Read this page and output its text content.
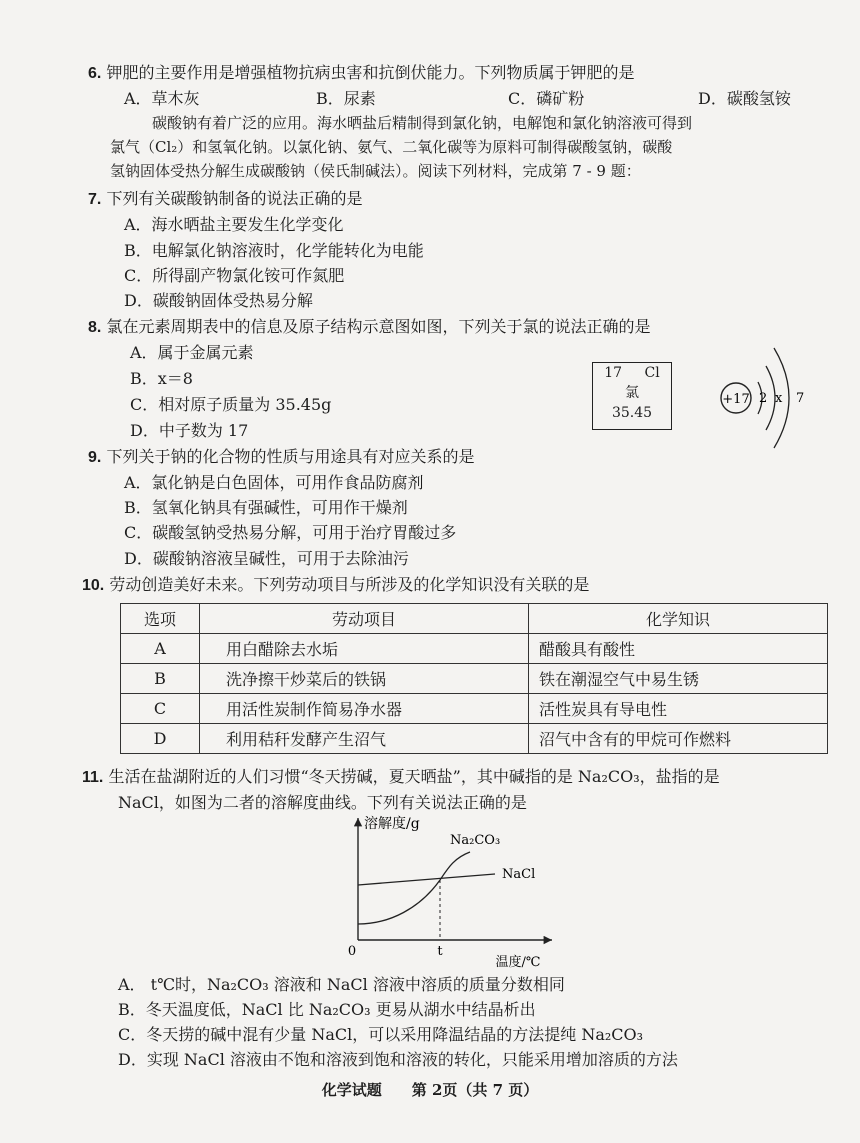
6. 钾肥的主要作用是增强植物抗病虫害和抗倒伏能力。下列物质属于钾肥的是
A．草木灰	B．尿素	C．磷矿粉	D．碳酸氢铵
碳酸钠有着广泛的应用。海水晒盐后精制得到氯化钠，电解饱和氯化钠溶液可得到
氯气（Cl₂）和氢氧化钠。以氯化钠、氨气、二氧化碳等为原料可制得碳酸氢钠，碳酸
氢钠固体受热分解生成碳酸钠（侯氏制碱法）。阅读下列材料，完成第 7 - 9 题：
7. 下列有关碳酸钠制备的说法正确的是
A．海水晒盐主要发生化学变化
B．电解氯化钠溶液时，化学能转化为电能
C．所得副产物氯化铵可作氮肥
D．碳酸钠固体受热易分解
8. 氯在元素周期表中的信息及原子结构示意图如图，下列关于氯的说法正确的是
A．属于金属元素
B．x＝8
C．相对原子质量为 35.45g
D．中子数为 17
17 Cl
氯
35.45
+17 2 x 7
9. 下列关于钠的化合物的性质与用途具有对应关系的是
A．氯化钠是白色固体，可用作食品防腐剂
B．氢氧化钠具有强碱性，可用作干燥剂
C．碳酸氢钠受热易分解，可用于治疗胃酸过多
D．碳酸钠溶液呈碱性，可用于去除油污
10. 劳动创造美好未来。下列劳动项目与所涉及的化学知识没有关联的是
选项	劳动项目	化学知识
A	用白醋除去水垢	醋酸具有酸性
B	洗净擦干炒菜后的铁锅	铁在潮湿空气中易生锈
C	用活性炭制作简易净水器	活性炭具有导电性
D	利用秸秆发酵产生沼气	沼气中含有的甲烷可作燃料
11. 生活在盐湖附近的人们习惯“冬天捞碱，夏天晒盐”，其中碱指的是 Na₂CO₃，盐指的是
NaCl，如图为二者的溶解度曲线。下列有关说法正确的是
溶解度/g
0	t
Na₂CO₃
NaCl
温度/℃
A． t℃时，Na₂CO₃ 溶液和 NaCl 溶液中溶质的质量分数相同
B．冬天温度低，NaCl 比 Na₂CO₃ 更易从湖水中结晶析出
C．冬天捞的碱中混有少量 NaCl，可以采用降温结晶的方法提纯 Na₂CO₃
D．实现 NaCl 溶液由不饱和溶液到饱和溶液的转化，只能采用增加溶质的方法
化学试题　　第 2页（共 7 页）
